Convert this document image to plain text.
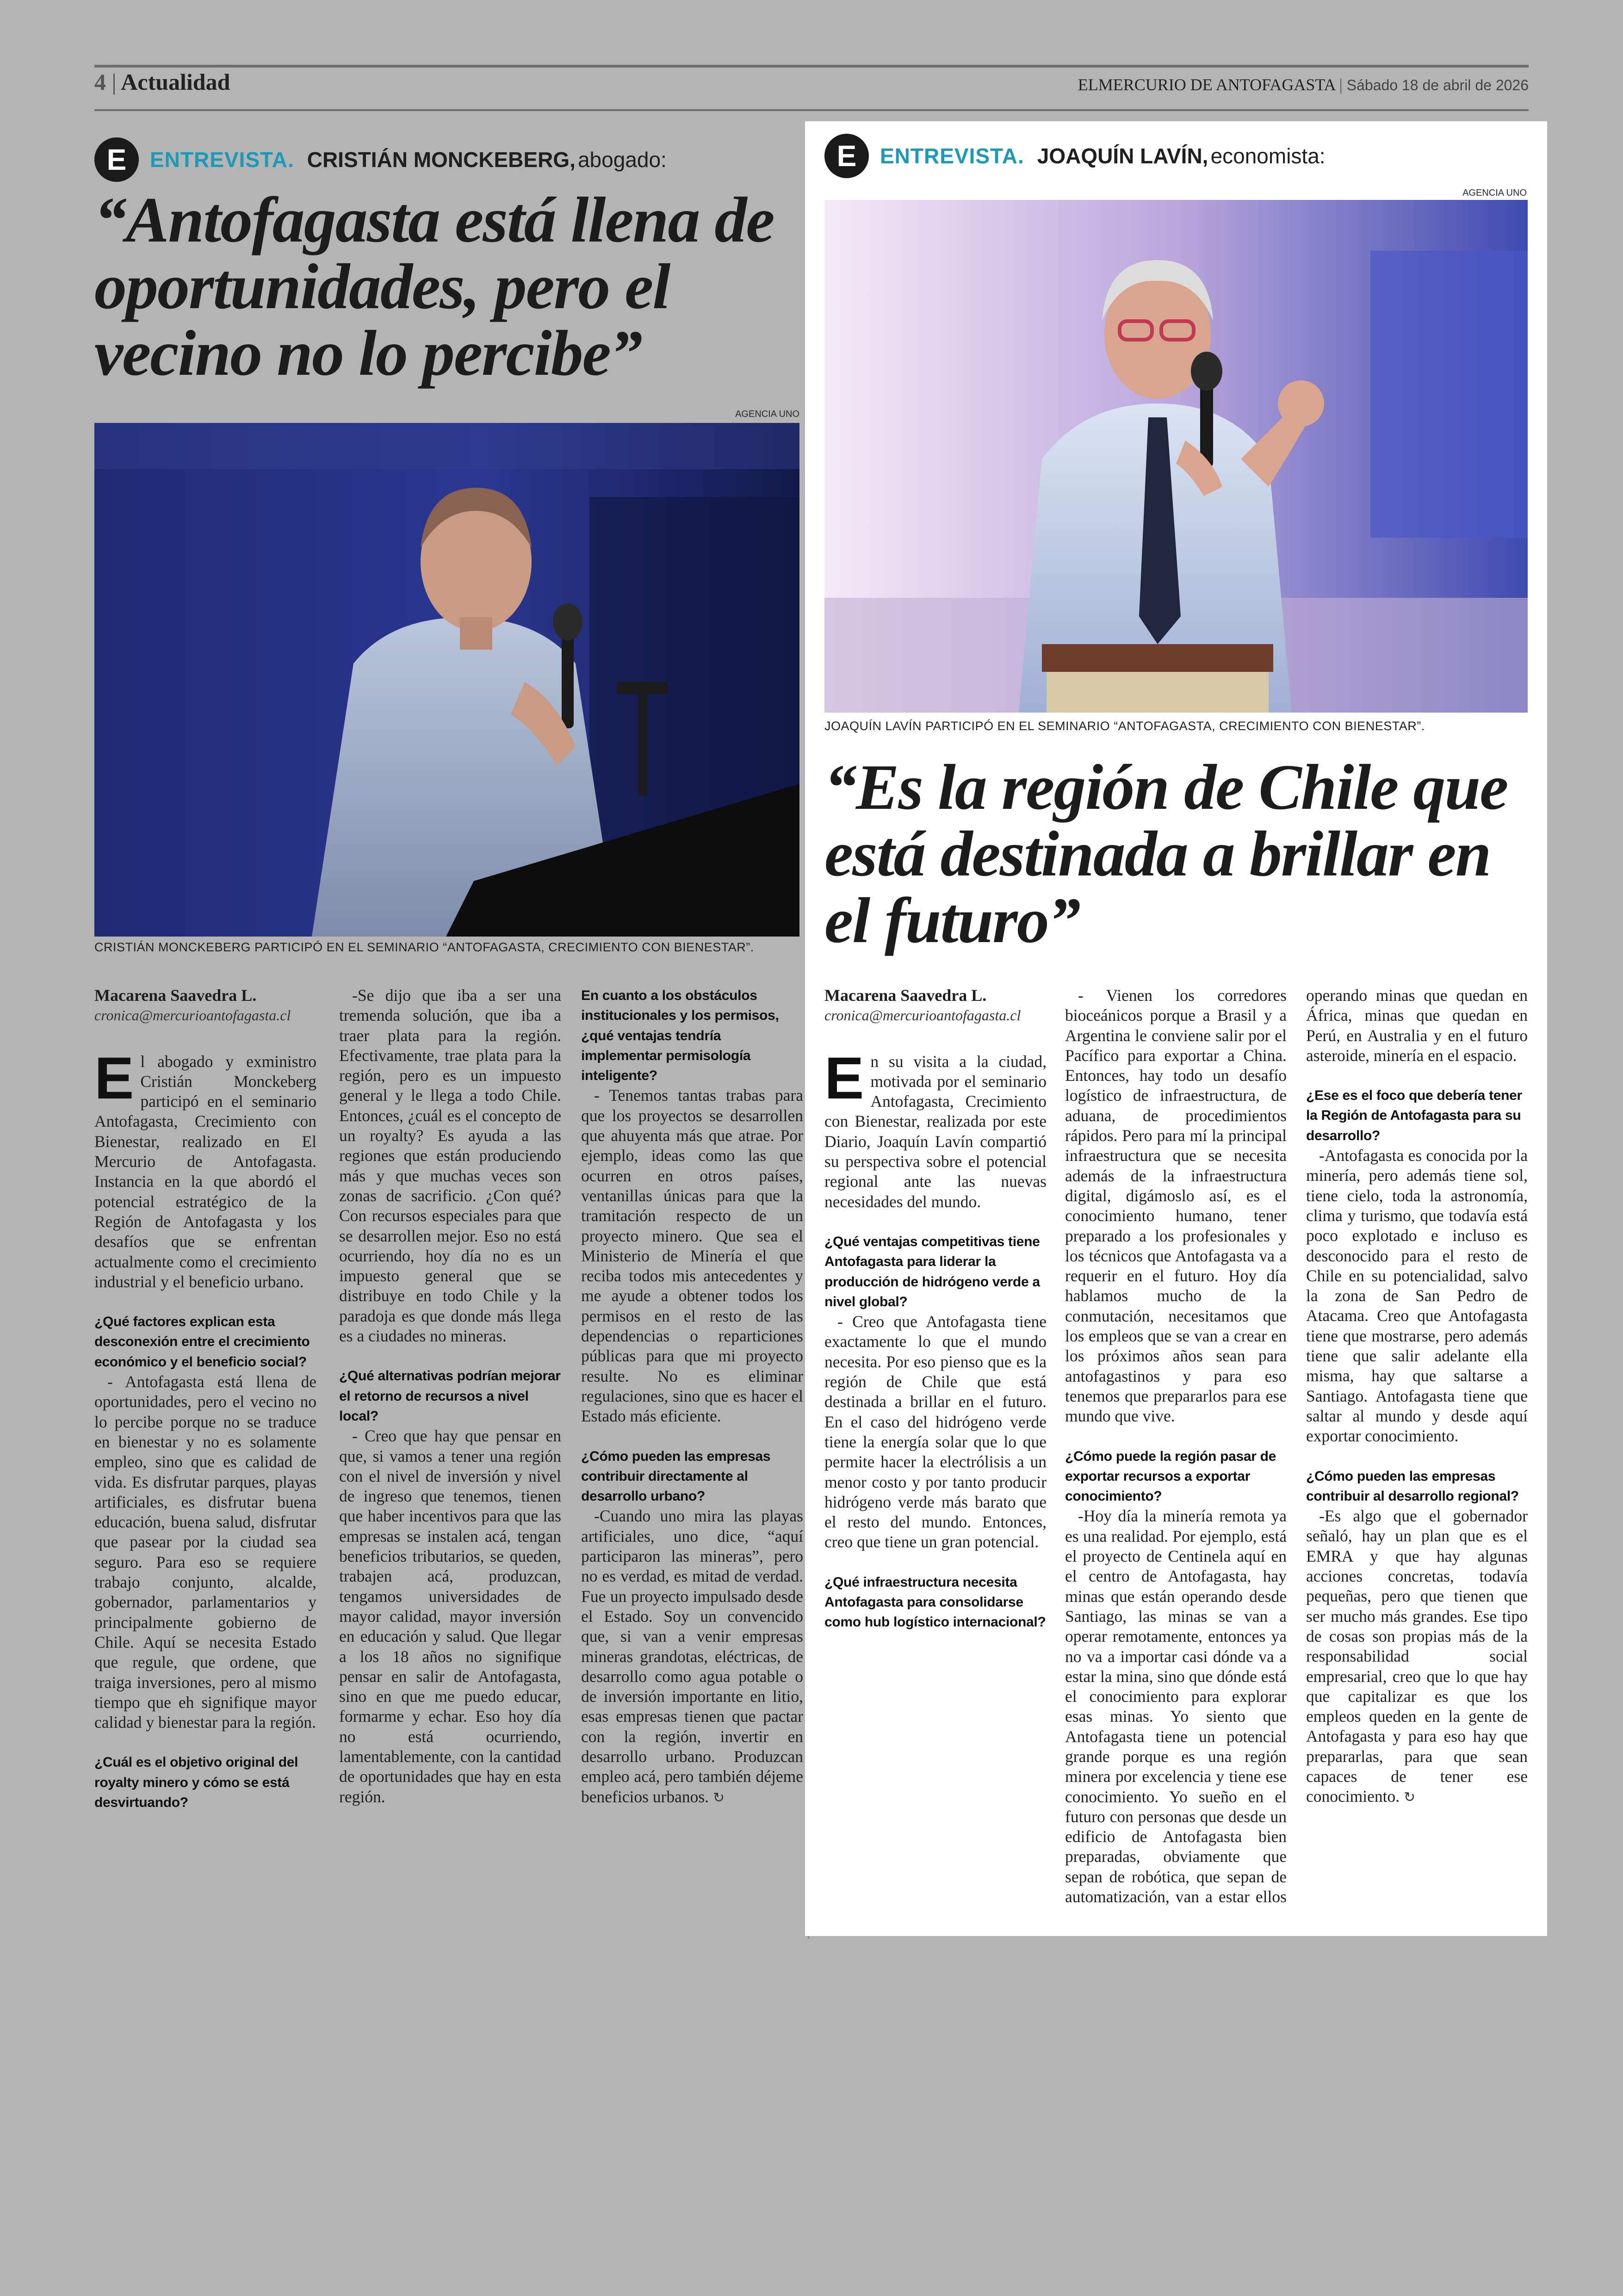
4 | Actualidad	ELMERCURIO DE ANTOFAGASTA | Sábado 18 de abril de 2026
E	ENTREVISTA. CRISTIÁN MONCKEBERG,
abogado:
“Antofagasta está llena de oportunidades, pero el vecino no lo percibe”
AGENCIA UNO
CRISTIÁN MONCKEBERG PARTICIPÓ EN EL SEMINARIO “ANTOFAGASTA, CRECIMIENTO CON BIENESTAR”.

Macarena Saavedra L.

cronica@mercurioantofagasta.cl

El abogado y exministro Cristián Monckeberg participó en el seminario Antofagasta, Crecimiento con Bienestar, realizado en El Mercurio de Antofagasta. Instancia en la que abordó el potencial estratégico de la Región de Antofagasta y los desafíos que se enfrentan actualmente como el crecimiento industrial y el beneficio urbano.

¿Qué factores explican esta desconexión entre el crecimiento económico y el beneficio social?

- Antofagasta está llena de oportunidades, pero el vecino no lo percibe porque no se traduce en bienestar y no es solamente empleo, sino que es calidad de vida. Es disfrutar parques, playas artificiales, es disfrutar buena educación, buena salud, disfrutar que pasear por la ciudad sea seguro. Para eso se requiere trabajo conjunto, alcalde, gobernador, parlamentarios y principalmente gobierno de Chile. Aquí se necesita Estado que regule, que ordene, que traiga inversiones, pero al mismo tiempo que eh signifique mayor calidad y bienestar para la región.

¿Cuál es el objetivo original del royalty minero y cómo se está desvirtuando?

-Se dijo que iba a ser una tremenda solución, que iba a traer plata para la región. Efectivamente, trae plata para la región, pero es un impuesto general y le llega a todo Chile. Entonces, ¿cuál es el concepto de un royalty? Es ayuda a las regiones que están produciendo más y que muchas veces son zonas de sacrificio. ¿Con qué? Con recursos especiales para que se desarrollen mejor. Eso no está ocurriendo, hoy día no es un impuesto general que se distribuye en todo Chile y la paradoja es que donde más llega es a ciudades no mineras.

¿Qué alternativas podrían mejorar el retorno de recursos a nivel local?

- Creo que hay que pensar en que, si vamos a tener una región con el nivel de inversión y nivel de ingreso que tenemos, tienen que haber incentivos para que las empresas se instalen acá, tengan beneficios tributarios, se queden, trabajen acá, produzcan, tengamos universidades de mayor calidad, mayor inversión en educación y salud. Que llegar a los 18 años no signifique pensar en salir de Antofagasta, sino en que me puedo educar, formarme y echar. Eso hoy día no está ocurriendo, lamentablemente, con la cantidad de oportunidades que hay en esta región.

En cuanto a los obstáculos institucionales y los permisos, ¿qué ventajas tendría implementar permisología inteligente?

- Tenemos tantas trabas para que los proyectos se desarrollen que ahuyenta más que atrae. Por ejemplo, ideas como las que ocurren en otros países, ventanillas únicas para que la tramitación respecto de un proyecto minero. Que sea el Ministerio de Minería el que reciba todos mis antecedentes y me ayude a obtener todos los permisos en el resto de las dependencias o reparticiones públicas para que mi proyecto resulte. No es eliminar regulaciones, sino que es hacer el Estado más eficiente.

¿Cómo pueden las empresas contribuir directamente al desarrollo urbano?

-Cuando uno mira las playas artificiales, uno dice, “aquí participaron las mineras”, pero no es verdad, es mitad de verdad. Fue un proyecto impulsado desde el Estado. Soy un convencido que, si van a venir empresas mineras grandotas, eléctricas, de desarrollo como agua potable o de inversión importante en litio, esas empresas tienen que pactar con la región, invertir en desarrollo urbano. Produzcan empleo acá, pero también déjeme beneficios urbanos. ↻

E	ENTREVISTA. JOAQUÍN LAVÍN,
economista:
AGENCIA UNO
JOAQUÍN LAVÍN PARTICIPÓ EN EL SEMINARIO “ANTOFAGASTA, CRECIMIENTO CON BIENESTAR”.
“Es la región de Chile que está destinada a brillar en el futuro”

Macarena Saavedra L.

cronica@mercurioantofagasta.cl

En su visita a la ciudad, motivada por el seminario Antofagasta, Crecimiento con Bienestar, realizada por este Diario, Joaquín Lavín compartió su perspectiva sobre el potencial regional ante las nuevas necesidades del mundo.

¿Qué ventajas competitivas tiene Antofagasta para liderar la producción de hidrógeno verde a nivel global?

- Creo que Antofagasta tiene exactamente lo que el mundo necesita. Por eso pienso que es la región de Chile que está destinada a brillar en el futuro. En el caso del hidrógeno verde tiene la energía solar que lo que permite hacer la electrólisis a un menor costo y por tanto producir hidrógeno verde más barato que el resto del mundo. Entonces, creo que tiene un gran potencial.

¿Qué infraestructura necesita Antofagasta para consolidarse como hub logístico internacional?

- Vienen los corredores bioceánicos porque a Brasil y a Argentina le conviene salir por el Pacífico para exportar a China. Entonces, hay todo un desafío logístico de infraestructura, de aduana, de procedimientos rápidos. Pero para mí la principal infraestructura que se necesita además de la infraestructura digital, digámoslo así, es el conocimiento humano, tener preparado a los profesionales y los técnicos que Antofagasta va a requerir en el futuro. Hoy día hablamos mucho de la conmutación, necesitamos que los empleos que se van a crear en los próximos años sean para antofagastinos y para eso tenemos que prepararlos para ese mundo que vive.

¿Cómo puede la región pasar de exportar recursos a exportar conocimiento?

-Hoy día la minería remota ya es una realidad. Por ejemplo, está el proyecto de Centinela aquí en el centro de Antofagasta, hay minas que están operando desde Santiago, las minas se van a operar remotamente, entonces ya no va a importar casi dónde va a estar la mina, sino que dónde está el conocimiento para explorar esas minas. Yo siento que Antofagasta tiene un potencial grande porque es una región minera por excelencia y tiene ese conocimiento. Yo sueño en el futuro con personas que desde un edificio de Antofagasta bien preparadas, obviamente que sepan de robótica, que sepan de automatización, van a estar ellos operando minas que quedan en África, minas que quedan en Perú, en Australia y en el futuro asteroide, minería en el espacio.

¿Ese es el foco que debería tener la Región de Antofagasta para su desarrollo?

-Antofagasta es conocida por la minería, pero además tiene sol, tiene cielo, toda la astronomía, clima y turismo, que todavía está poco explotado e incluso es desconocido para el resto de Chile en su potencialidad, salvo la zona de San Pedro de Atacama. Creo que Antofagasta tiene que mostrarse, pero además tiene que salir adelante ella misma, hay que saltarse a Santiago. Antofagasta tiene que saltar al mundo y desde aquí exportar conocimiento.

¿Cómo pueden las empresas contribuir al desarrollo regional?

-Es algo que el gobernador señaló, hay un plan que es el EMRA y que hay algunas acciones concretas, todavía pequeñas, pero que tienen que ser mucho más grandes. Ese tipo de cosas son propias más de la responsabilidad social empresarial, creo que lo que hay que capitalizar es que los empleos queden en la gente de Antofagasta y para eso hay que prepararlas, para que sean capaces de tener ese conocimiento. ↻
